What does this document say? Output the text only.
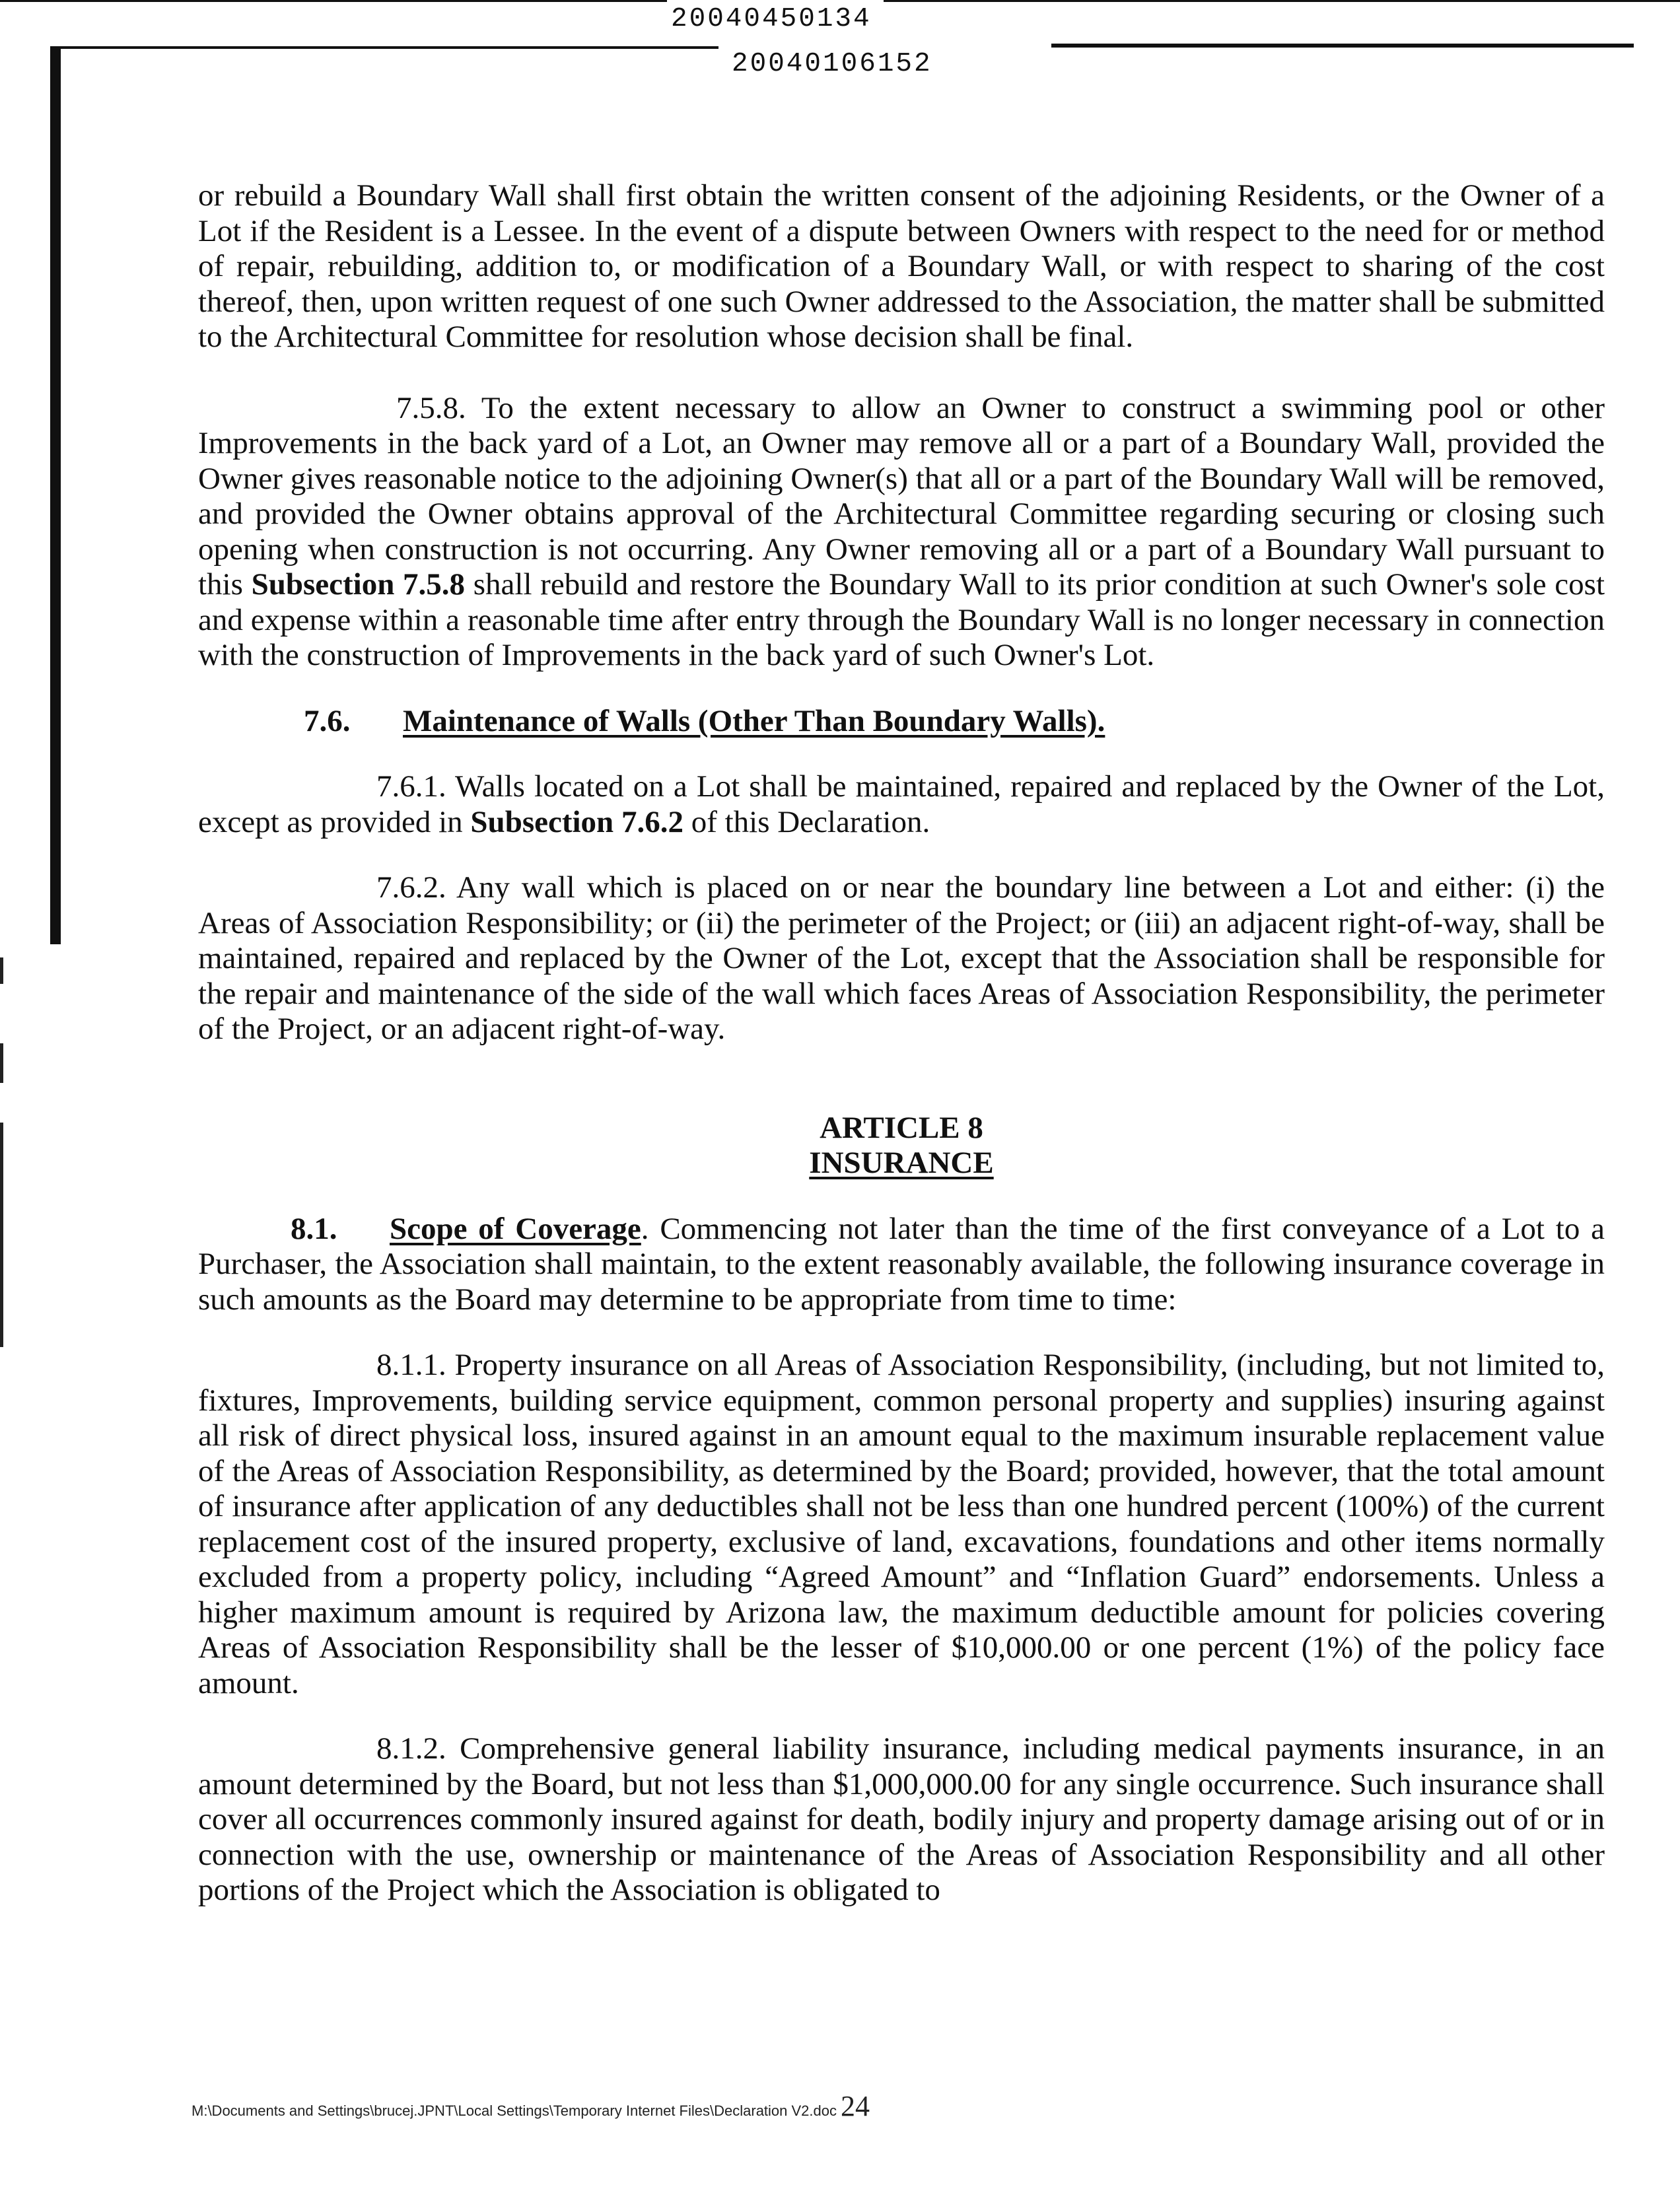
20040450134
20040106152

or rebuild a Boundary Wall shall first obtain the written consent of the adjoining Residents, or the Owner of a Lot if the Resident is a Lessee. In the event of a dispute between Owners with respect to the need for or method of repair, rebuilding, addition to, or modification of a Boundary Wall, or with respect to sharing of the cost thereof, then, upon written request of one such Owner addressed to the Association, the matter shall be submitted to the Architectural Committee for resolution whose decision shall be final.

7.5.8. To the extent necessary to allow an Owner to construct a swimming pool or other Improvements in the back yard of a Lot, an Owner may remove all or a part of a Boundary Wall, provided the Owner gives reasonable notice to the adjoining Owner(s) that all or a part of the Boundary Wall will be removed, and provided the Owner obtains approval of the Architectural Committee regarding securing or closing such opening when construction is not occurring. Any Owner removing all or a part of a Boundary Wall pursuant to this Subsection 7.5.8 shall rebuild and restore the Boundary Wall to its prior condition at such Owner's sole cost and expense within a reasonable time after entry through the Boundary Wall is no longer necessary in connection with the construction of Improvements in the back yard of such Owner's Lot.

7.6. Maintenance of Walls (Other Than Boundary Walls).

7.6.1. Walls located on a Lot shall be maintained, repaired and replaced by the Owner of the Lot, except as provided in Subsection 7.6.2 of this Declaration.

7.6.2. Any wall which is placed on or near the boundary line between a Lot and either: (i) the Areas of Association Responsibility; or (ii) the perimeter of the Project; or (iii) an adjacent right-of-way, shall be maintained, repaired and replaced by the Owner of the Lot, except that the Association shall be responsible for the repair and maintenance of the side of the wall which faces Areas of Association Responsibility, the perimeter of the Project, or an adjacent right-of-way.

ARTICLE 8

INSURANCE

8.1. Scope of Coverage. Commencing not later than the time of the first conveyance of a Lot to a Purchaser, the Association shall maintain, to the extent reasonably available, the following insurance coverage in such amounts as the Board may determine to be appropriate from time to time:

8.1.1. Property insurance on all Areas of Association Responsibility, (including, but not limited to, fixtures, Improvements, building service equipment, common personal property and supplies) insuring against all risk of direct physical loss, insured against in an amount equal to the maximum insurable replacement value of the Areas of Association Responsibility, as determined by the Board; provided, however, that the total amount of insurance after application of any deductibles shall not be less than one hundred percent (100%) of the current replacement cost of the insured property, exclusive of land, excavations, foundations and other items normally excluded from a property policy, including “Agreed Amount” and “Inflation Guard” endorsements. Unless a higher maximum amount is required by Arizona law, the maximum deductible amount for policies covering Areas of Association Responsibility shall be the lesser of $10,000.00 or one percent (1%) of the policy face amount.

8.1.2. Comprehensive general liability insurance, including medical payments insurance, in an amount determined by the Board, but not less than $1,000,000.00 for any single occurrence. Such insurance shall cover all occurrences commonly insured against for death, bodily injury and property damage arising out of or in connection with the use, ownership or maintenance of the Areas of Association Responsibility and all other portions of the Project which the Association is obligated to

M:\Documents and Settings\brucej.JPNT\Local Settings\Temporary Internet Files\Declaration V2.doc 24
